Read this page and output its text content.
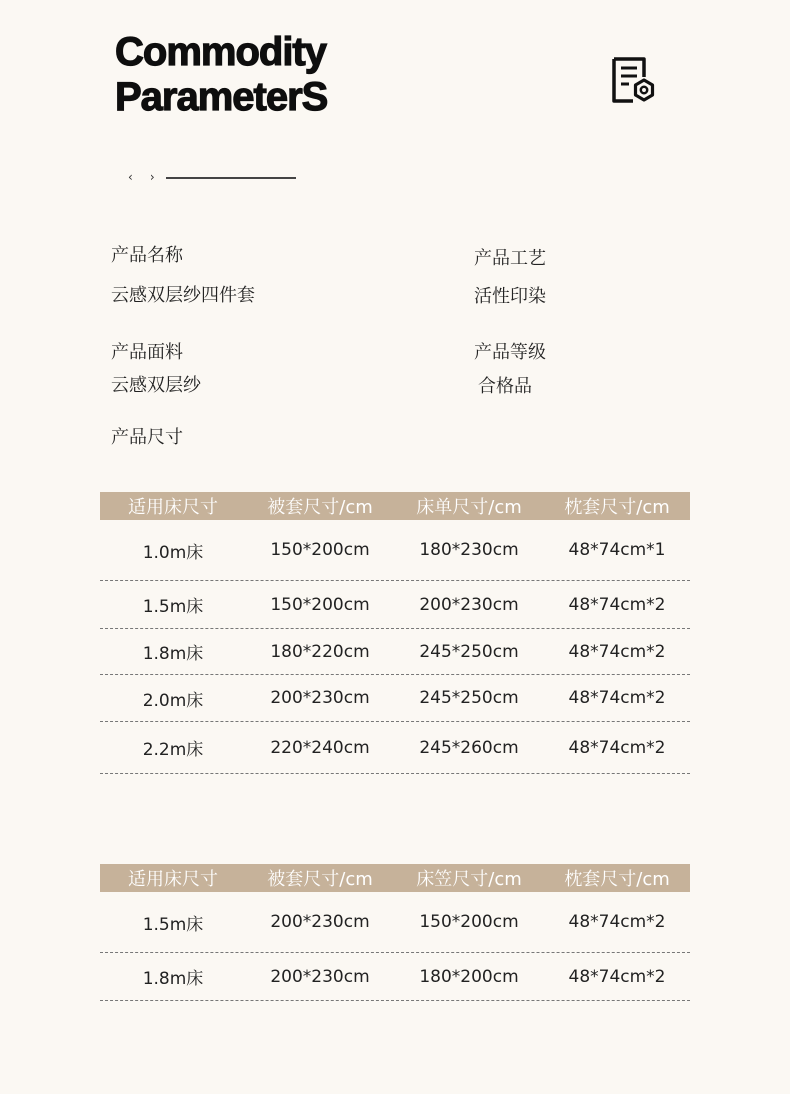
Commodity
ParameterS
‹ ›
产品名称
云感双层纱四件套
产品工艺
活性印染
产品面料
云感双层纱
产品等级
合格品
产品尺寸
适用床尺寸	被套尺寸/cm	床单尺寸/cm	枕套尺寸/cm
1.0m床	150*200cm	180*230cm	48*74cm*1
1.5m床	150*200cm	200*230cm	48*74cm*2
1.8m床	180*220cm	245*250cm	48*74cm*2
2.0m床	200*230cm	245*250cm	48*74cm*2
2.2m床	220*240cm	245*260cm	48*74cm*2
适用床尺寸	被套尺寸/cm	床笠尺寸/cm	枕套尺寸/cm
1.5m床	200*230cm	150*200cm	48*74cm*2
1.8m床	200*230cm	180*200cm	48*74cm*2
